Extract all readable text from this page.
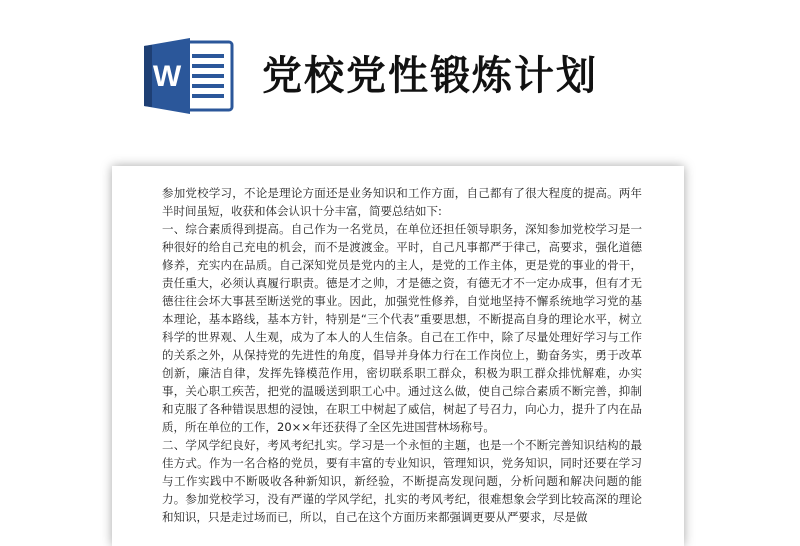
W 党校党性锻炼计划

参加党校学习，不论是理论方面还是业务知识和工作方面，自己都有了很大程度的提高。两年半时间虽短，收获和体会认识十分丰富，简要总结如下:

一、综合素质得到提高。自己作为一名党员，在单位还担任领导职务，深知参加党校学习是一种很好的给自己充电的机会，而不是渡渡金。平时，自己凡事都严于律己，高要求，强化道德修养，充实内在品质。自己深知党员是党内的主人，是党的工作主体，更是党的事业的骨干，责任重大，必须认真履行职责。德是才之帅，才是德之资，有德无才不一定办成事，但有才无德往往会坏大事甚至断送党的事业。因此，加强党性修养，自觉地坚持不懈系统地学习党的基本理论，基本路线，基本方针，特别是“三个代表”重要思想，不断提高自身的理论水平，树立科学的世界观、人生观，成为了本人的人生信条。自己在工作中，除了尽量处理好学习与工作的关系之外，从保持党的先进性的角度，倡导并身体力行在工作岗位上，勤奋务实，勇于改革创新，廉洁自律，发挥先锋模范作用，密切联系职工群众，积极为职工群众排忧解难，办实事，关心职工疾苦，把党的温暖送到职工心中。通过这么做，使自己综合素质不断完善，抑制和克服了各种错误思想的浸蚀，在职工中树起了威信，树起了号召力，向心力，提升了内在品质，所在单位的工作，20××年还获得了全区先进国营林场称号。

二、学风学纪良好，考风考纪扎实。学习是一个永恒的主题，也是一个不断完善知识结构的最佳方式。作为一名合格的党员，要有丰富的专业知识，管理知识，党务知识，同时还要在学习与工作实践中不断吸收各种新知识，新经验，不断提高发现问题，分析问题和解决问题的能力。参加党校学习，没有严谨的学风学纪，扎实的考风考纪，很难想象会学到比较高深的理论和知识，只是走过场而已，所以，自己在这个方面历来都强调更要从严要求，尽是做
